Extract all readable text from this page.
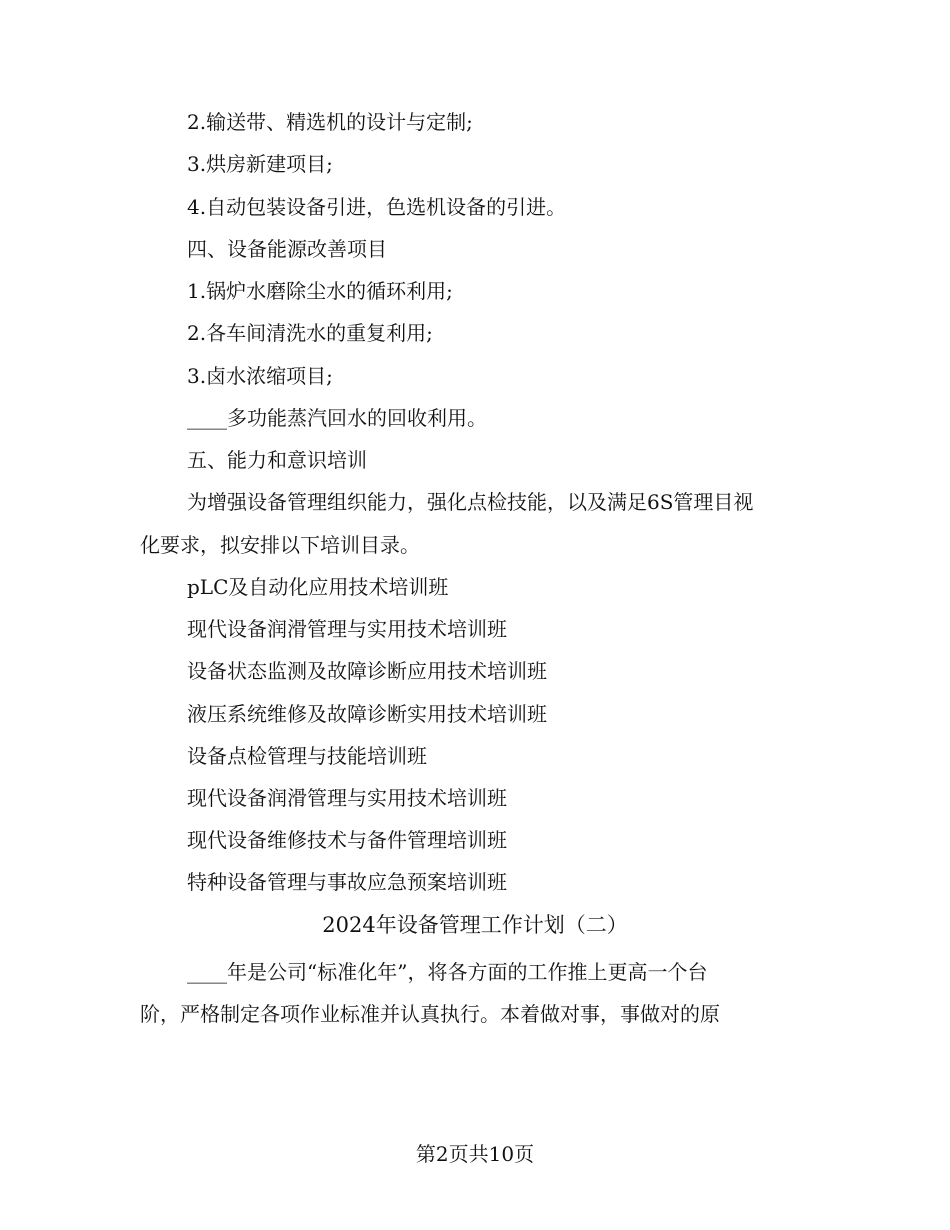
2.输送带、精选机的设计与定制;
3.烘房新建项目;
4.自动包装设备引进，色选机设备的引进。
四、设备能源改善项目
1.锅炉水磨除尘水的循环利用;
2.各车间清洗水的重复利用;
3.卤水浓缩项目;
____多功能蒸汽回水的回收利用。
五、能力和意识培训
为增强设备管理组织能力，强化点检技能，以及满足6S管理目视
化要求，拟安排以下培训目录。
pLC及自动化应用技术培训班
现代设备润滑管理与实用技术培训班
设备状态监测及故障诊断应用技术培训班
液压系统维修及故障诊断实用技术培训班
设备点检管理与技能培训班
现代设备润滑管理与实用技术培训班
现代设备维修技术与备件管理培训班
特种设备管理与事故应急预案培训班
2024年设备管理工作计划（二）
____年是公司“标准化年”，将各方面的工作推上更高一个台
阶，严格制定各项作业标准并认真执行。本着做对事，事做对的原
第2页共10页
